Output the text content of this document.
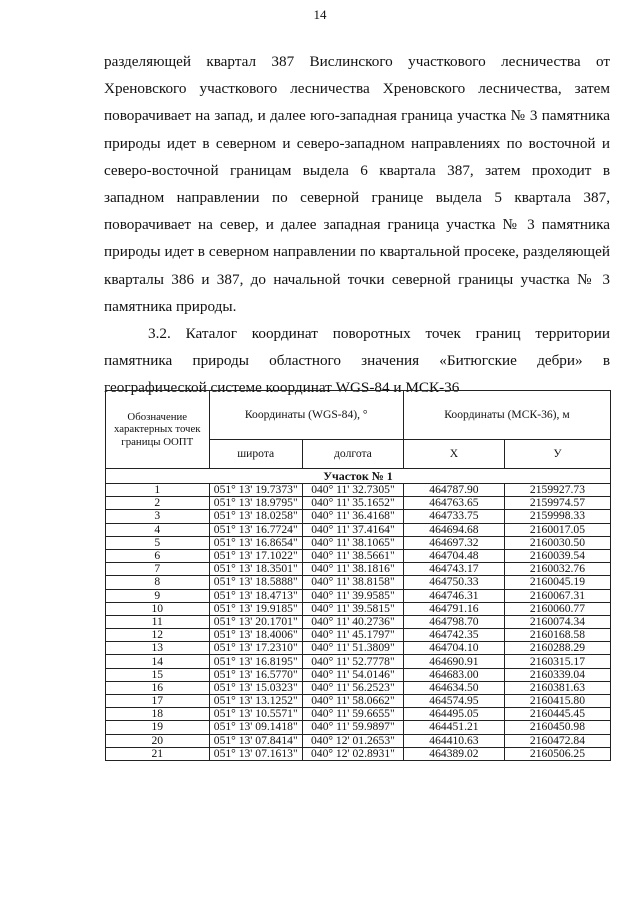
14

разделяющей квартал 387 Вислинского участкового лесничества от

Хреновского участкового лесничества Хреновского лесничества, затем

поворачивает на запад, и далее юго-западная граница участка № 3 памятника

природы идет в северном и северо-западном направлениях по восточной и

северо-восточной границам выдела 6 квартала 387, затем проходит в

западном направлении по северной границе выдела 5 квартала 387,

поворачивает на север, и далее западная граница участка № 3 памятника

природы идет в северном направлении по квартальной просеке, разделяющей

кварталы 386 и 387, до начальной точки северной границы участка № 3

памятника природы.

3.2. Каталог координат поворотных точек границ территории

памятника природы областного значения «Битюгские дебри» в

географической системе координат WGS-84 и МСК-36

Обозначение характерных точек границы ООПТ	Координаты (WGS-84), °		Координаты (МСК-36), м	
	широта	долгота	X	У
Участок № 1				
1	051° 13' 19.7373"	040° 11' 32.7305"	464787.90	2159927.73
2	051° 13' 18.9795"	040° 11' 35.1652"	464763.65	2159974.57
3	051° 13' 18.0258"	040° 11' 36.4168"	464733.75	2159998.33
4	051° 13' 16.7724"	040° 11' 37.4164"	464694.68	2160017.05
5	051° 13' 16.8654"	040° 11' 38.1065"	464697.32	2160030.50
6	051° 13' 17.1022"	040° 11' 38.5661"	464704.48	2160039.54
7	051° 13' 18.3501"	040° 11' 38.1816"	464743.17	2160032.76
8	051° 13' 18.5888"	040° 11' 38.8158"	464750.33	2160045.19
9	051° 13' 18.4713"	040° 11' 39.9585"	464746.31	2160067.31
10	051° 13' 19.9185"	040° 11' 39.5815"	464791.16	2160060.77
11	051° 13' 20.1701"	040° 11' 40.2736"	464798.70	2160074.34
12	051° 13' 18.4006"	040° 11' 45.1797"	464742.35	2160168.58
13	051° 13' 17.2310"	040° 11' 51.3809"	464704.10	2160288.29
14	051° 13' 16.8195"	040° 11' 52.7778"	464690.91	2160315.17
15	051° 13' 16.5770"	040° 11' 54.0146"	464683.00	2160339.04
16	051° 13' 15.0323"	040° 11' 56.2523"	464634.50	2160381.63
17	051° 13' 13.1252"	040° 11' 58.0662"	464574.95	2160415.80
18	051° 13' 10.5571"	040° 11' 59.6655"	464495.05	2160445.45
19	051° 13' 09.1418"	040° 11' 59.9897"	464451.21	2160450.98
20	051° 13' 07.8414"	040° 12' 01.2653"	464410.63	2160472.84
21	051° 13' 07.1613"	040° 12' 02.8931"	464389.02	2160506.25
